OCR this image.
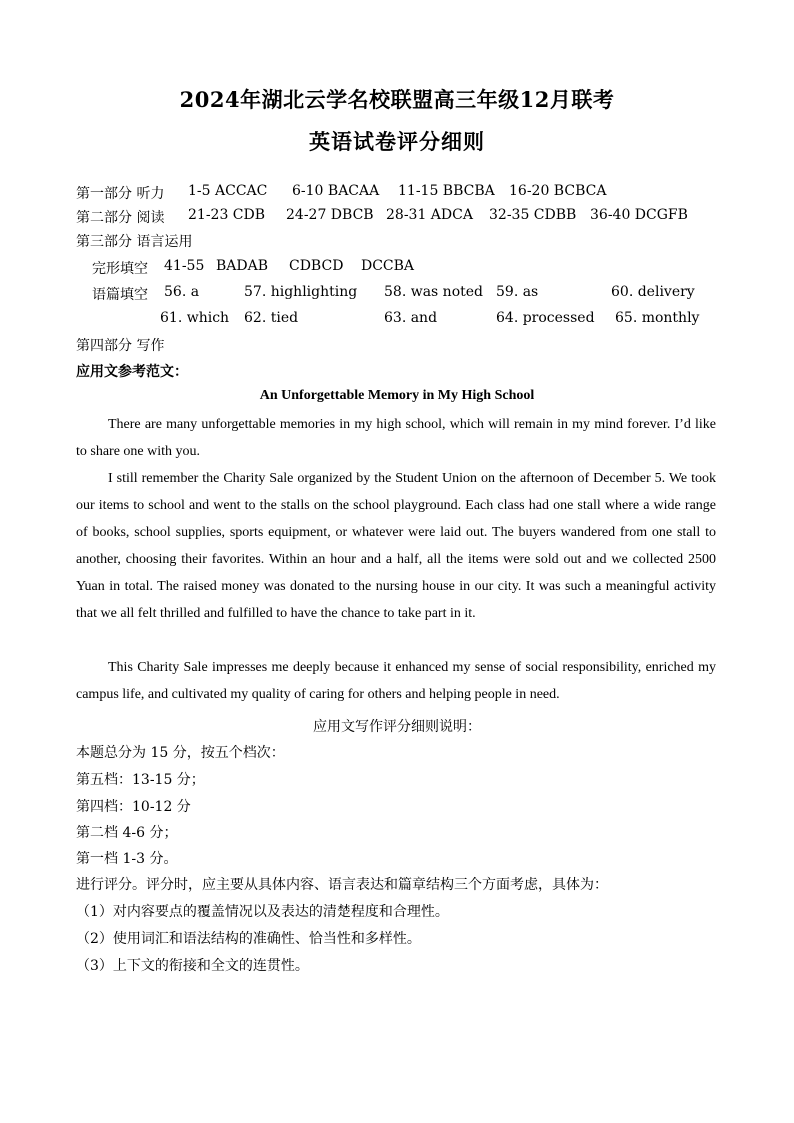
2024年湖北云学名校联盟高三年级12月联考
英语试卷评分细则
第一部分 听力 1-5 ACCAC 6-10 BACAA 11-15 BBCBA 16-20 BCBCA
第二部分 阅读 21-23 CDB 24-27 DBCB 28-31 ADCA 32-35 CDBB 36-40 DCGFB
第三部分 语言运用
完形填空 41-55 BADAB CDBCD DCCBA
语篇填空 56. a	57. highlighting 58. was noted 59. as	60. delivery
61. which 62. tied	63. and	64. processed 65. monthly
第四部分 写作
应用文参考范文：
An Unforgettable Memory in My High School
There are many unforgettable memories in my high school, which will remain in my mind forever. I’d like to share one with you.
I still remember the Charity Sale organized by the Student Union on the afternoon of December 5. We took our items to school and went to the stalls on the school playground. Each class had one stall where a wide range of books, school supplies, sports equipment, or whatever were laid out. The buyers wandered from one stall to another, choosing their favorites. Within an hour and a half, all the items were sold out and we collected 2500 Yuan in total. The raised money was donated to the nursing house in our city. It was such a meaningful activity that we all felt thrilled and fulfilled to have the chance to take part in it.
This Charity Sale impresses me deeply because it enhanced my sense of social responsibility, enriched my campus life, and cultivated my quality of caring for others and helping people in need.
应用文写作评分细则说明：
本题总分为 15 分，按五个档次：
第五档：13-15 分；
第四档：10-12 分
第二档 4-6 分；
第一档 1-3 分。
进行评分。评分时，应主要从具体内容、语言表达和篇章结构三个方面考虑，具体为：
（1）对内容要点的覆盖情况以及表达的清楚程度和合理性。
（2）使用词汇和语法结构的准确性、恰当性和多样性。
（3）上下文的衔接和全文的连贯性。
